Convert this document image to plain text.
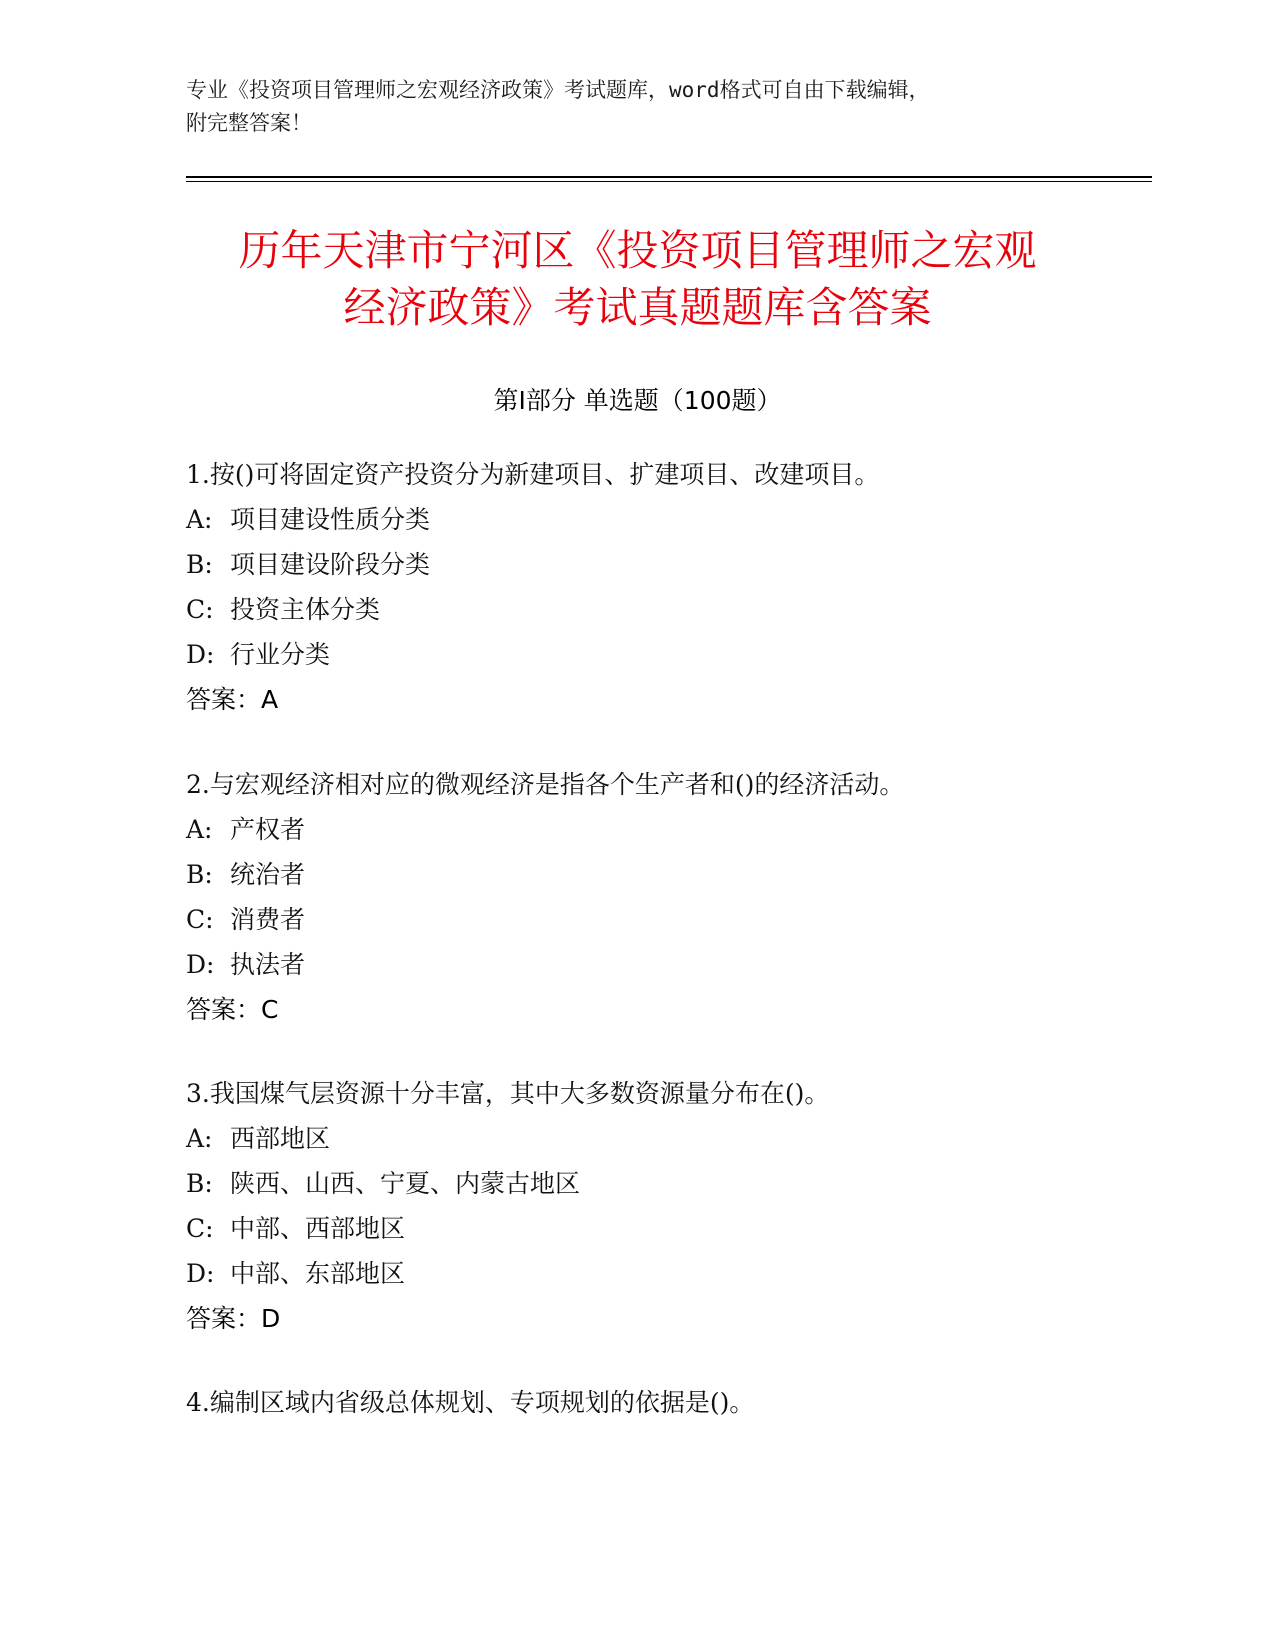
专业《投资项目管理师之宏观经济政策》考试题库，word格式可自由下载编辑，
附完整答案！
历年天津市宁河区《投资项目管理师之宏观
经济政策》考试真题题库含答案
第Ⅰ部分 单选题（100题）
1.按()可将固定资产投资分为新建项目、扩建项目、改建项目。
A: 项目建设性质分类
B: 项目建设阶段分类
C: 投资主体分类
D: 行业分类
答案：A
2.与宏观经济相对应的微观经济是指各个生产者和()的经济活动。
A: 产权者
B: 统治者
C: 消费者
D: 执法者
答案：C
3.我国煤气层资源十分丰富，其中大多数资源量分布在()。
A: 西部地区
B: 陕西、山西、宁夏、内蒙古地区
C: 中部、西部地区
D: 中部、东部地区
答案：D
4.编制区域内省级总体规划、专项规划的依据是()。
